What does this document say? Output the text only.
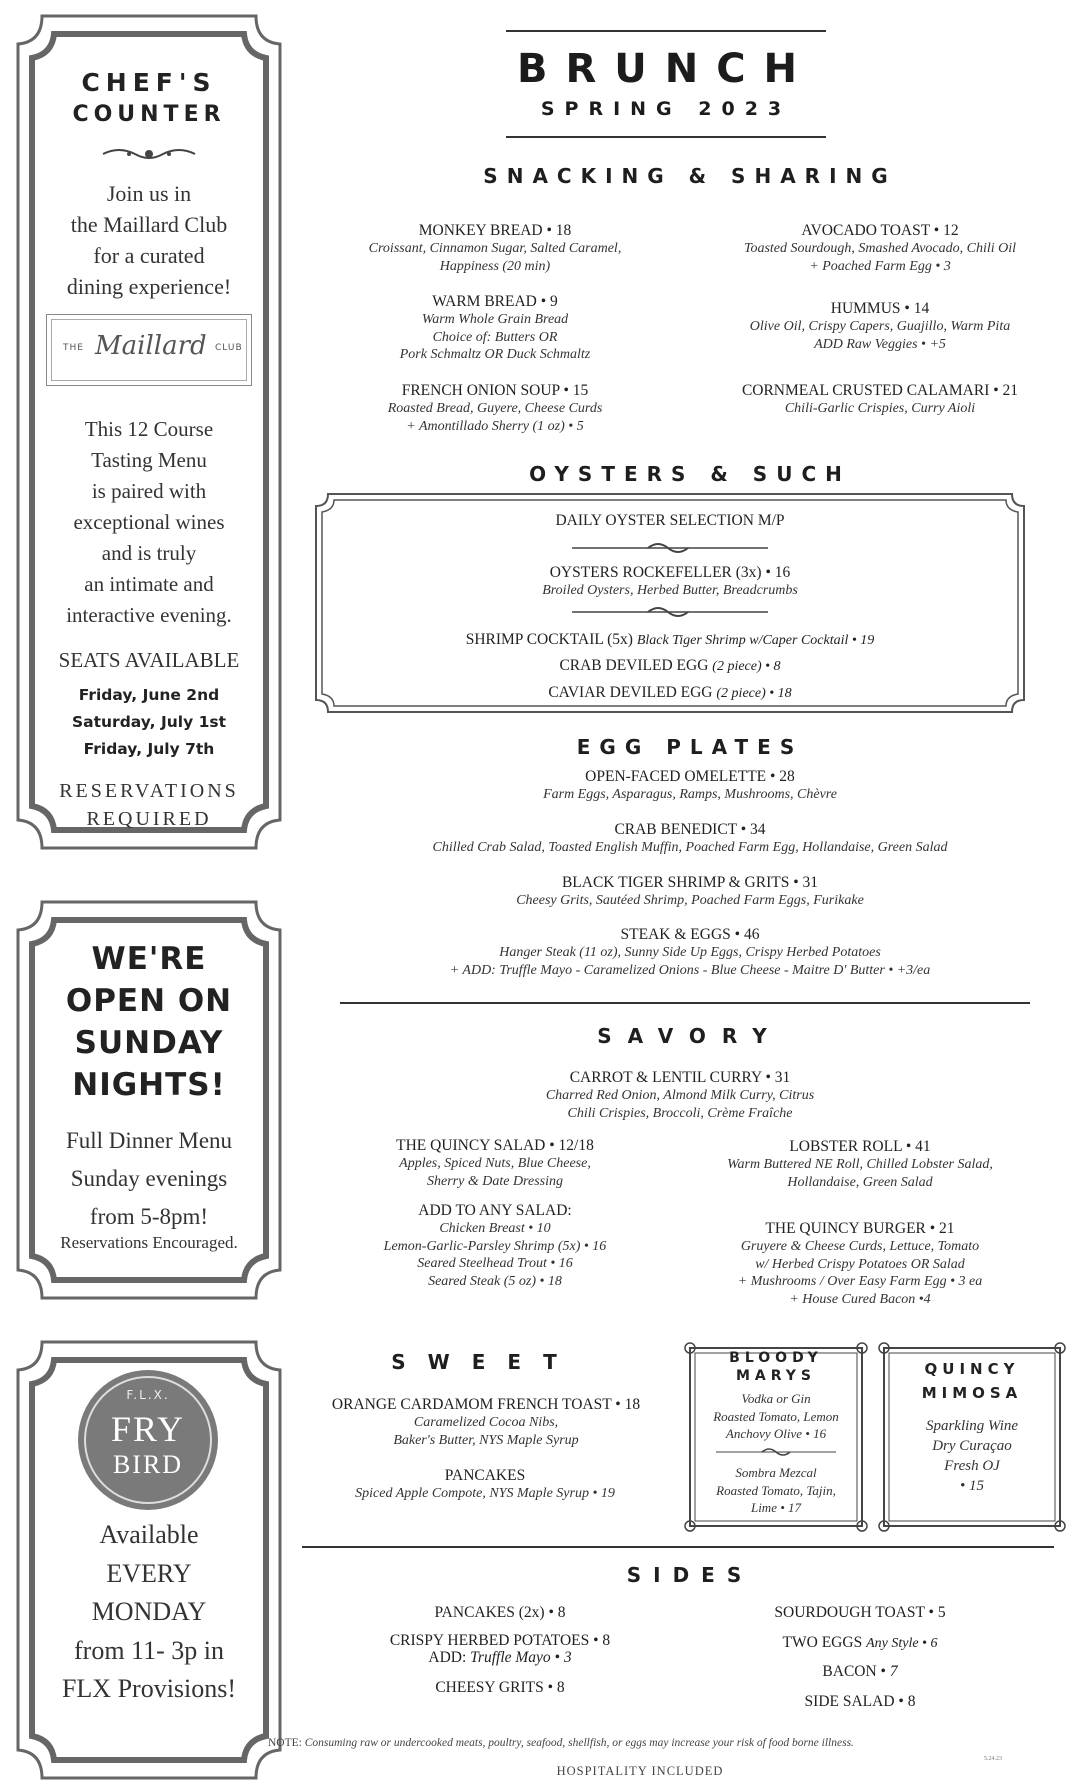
CHEF'S
COUNTER
Join us in
the Maillard Club
for a curated
dining experience!
THE Maillard CLUB
This 12 Course
Tasting Menu
is paired with
exceptional wines
and is truly
an intimate and
interactive evening.
SEATS AVAILABLE
Friday, June 2nd
Saturday, July 1st
Friday, July 7th
RESERVATIONS
REQUIRED
WE'RE
OPEN ON
SUNDAY
NIGHTS!
Full Dinner Menu
Sunday evenings
from 5-8pm!
Reservations Encouraged.
F.L.X.
FRY
BIRD
Available
EVERY
MONDAY
from 11- 3p in
FLX Provisions!
BRUNCH
SPRING 2023
SNACKING & SHARING
MONKEY BREAD • 18
Croissant, Cinnamon Sugar, Salted Caramel,
Happiness (20 min)
AVOCADO TOAST • 12
Toasted Sourdough, Smashed Avocado, Chili Oil
+ Poached Farm Egg • 3
WARM BREAD • 9
Warm Whole Grain Bread
Choice of: Butters OR
Pork Schmaltz OR Duck Schmaltz
HUMMUS • 14
Olive Oil, Crispy Capers, Guajillo, Warm Pita
ADD Raw Veggies • +5
FRENCH ONION SOUP • 15
Roasted Bread, Guyere, Cheese Curds
+ Amontillado Sherry (1 oz) • 5
CORNMEAL CRUSTED CALAMARI • 21
Chili-Garlic Crispies, Curry Aioli
OYSTERS & SUCH
DAILY OYSTER SELECTION M/P
OYSTERS ROCKEFELLER (3x) • 16
Broiled Oysters, Herbed Butter, Breadcrumbs
SHRIMP COCKTAIL (5x) Black Tiger Shrimp w/Caper Cocktail • 19
CRAB DEVILED EGG (2 piece) • 8
CAVIAR DEVILED EGG (2 piece) • 18
EGG PLATES
OPEN-FACED OMELETTE • 28
Farm Eggs, Asparagus, Ramps, Mushrooms, Chèvre
CRAB BENEDICT • 34
Chilled Crab Salad, Toasted English Muffin, Poached Farm Egg, Hollandaise, Green Salad
BLACK TIGER SHRIMP & GRITS • 31
Cheesy Grits, Sautéed Shrimp, Poached Farm Eggs, Furikake
STEAK & EGGS • 46
Hanger Steak (11 oz), Sunny Side Up Eggs, Crispy Herbed Potatoes
+ ADD: Truffle Mayo - Caramelized Onions - Blue Cheese - Maitre D' Butter • +3/ea
SAVORY
CARROT & LENTIL CURRY • 31
Charred Red Onion, Almond Milk Curry, Citrus
Chili Crispies, Broccoli, Crème Fraîche
THE QUINCY SALAD • 12/18
Apples, Spiced Nuts, Blue Cheese,
Sherry & Date Dressing
LOBSTER ROLL • 41
Warm Buttered NE Roll, Chilled Lobster Salad,
Hollandaise, Green Salad
ADD TO ANY SALAD:
Chicken Breast • 10
Lemon-Garlic-Parsley Shrimp (5x) • 16
Seared Steelhead Trout • 16
Seared Steak (5 oz) • 18
THE QUINCY BURGER • 21
Gruyere & Cheese Curds, Lettuce, Tomato
w/ Herbed Crispy Potatoes OR Salad
+ Mushrooms / Over Easy Farm Egg • 3 ea
+ House Cured Bacon •4
SWEET
ORANGE CARDAMOM FRENCH TOAST • 18
Caramelized Cocoa Nibs,
Baker's Butter, NYS Maple Syrup
PANCAKES
Spiced Apple Compote, NYS Maple Syrup • 19
BLOODY
MARYS
Vodka or Gin
Roasted Tomato, Lemon
Anchovy Olive • 16
Sombra Mezcal
Roasted Tomato, Tajin,
Lime • 17
QUINCY
MIMOSA
Sparkling Wine
Dry Curaçao
Fresh OJ
• 15
SIDES
PANCAKES (2x) • 8
CRISPY HERBED POTATOES • 8
ADD: Truffle Mayo • 3
CHEESY GRITS • 8
SOURDOUGH TOAST • 5
TWO EGGS Any Style • 6
BACON • 7
SIDE SALAD • 8
NOTE: Consuming raw or undercooked meats, poultry, seafood, shellfish, or eggs may increase your risk of food borne illness.
5.24.23
HOSPITALITY INCLUDED
